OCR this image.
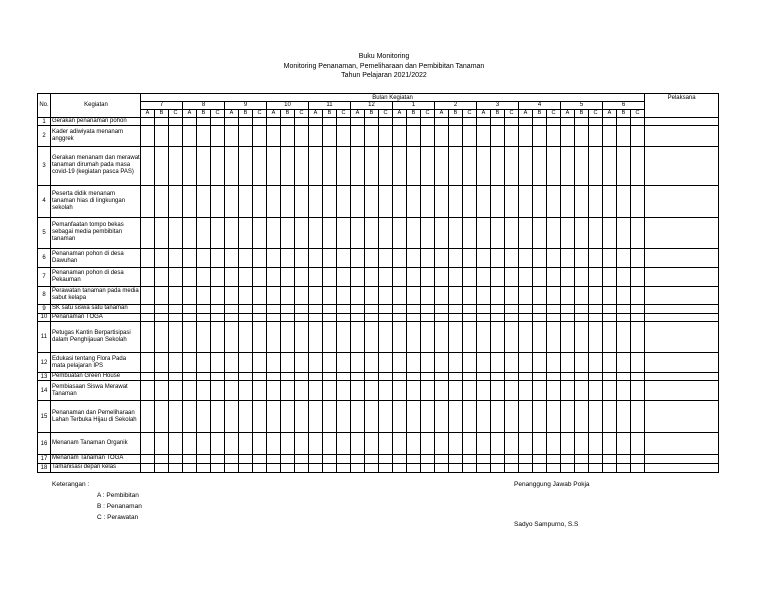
Buku Monitoring
Monitoring Penanaman, Pemeliharaan dan Pembibitan Tanaman
Tahun Pelajaran 2021/2022
No.	Kegiatan	Bulan Kegiatan																																				Pelaksana
		7			8			9			10			11			12			1			2			3			4			5			6			
		A	B	C	A	B	C	A	B	C	A	B	C	A	B	C	A	B	C	A	B	C	A	B	C	A	B	C	A	B	C	A	B	C	A	B	C	
1	Gerakan penanaman pohon																																					
2	Kader adiwiyata menanam anggrek																																					
3	Gerakan menanam dan merawat tanaman dirumah pada masa covid-19 (kegiatan pasca PAS)																																					
4	Peserta didik menanam tanaman hias di lingkungan sekolah																																					
5	Pemanfaatan tompo bekas sebagai media pembibitan tanaman																																					
6	Penanaman pohon di desa Dawuhan																																					
7	Penanaman pohon di desa Pekauman																																					
8	Perawatan tanaman pada media sabut kelapa																																					
9	SK satu siswa satu tanaman																																					
10	Penanaman TOGA																																					
11	Petugas Kantin Berpartisipasi dalam Penghijauan Sekolah																																					
12	Edukasi tentang Flora Pada mata pelajaran IPS																																					
13	Pembuatan Green House																																					
14	Pembiasaan Siswa Merawat Tanaman																																					
15	Penanaman dan Pemeliharaan Lahan Terbuka Hijau di Sekolah																																					
16	Menanam Tanaman Organik																																					
17	Menanam Tanaman TOGA																																					
18	Tamanisasi depan kelas																																					
Keterangan :
A : Pembibitan
B : Penanaman
C : Perawatan
Penanggung Jawab Pokja
Sadyo Sampurno, S.S
